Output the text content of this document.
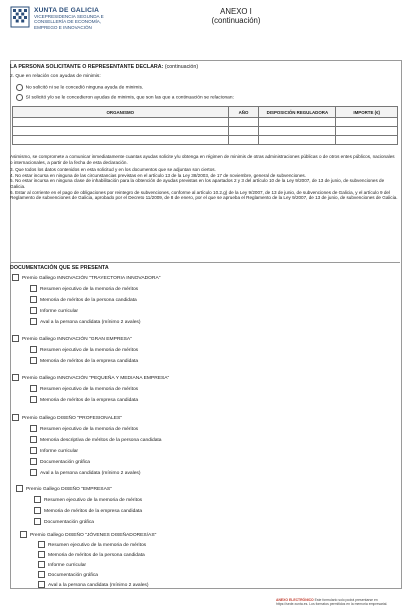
XUNTA DE GALICIA
VICEPRESIDENCIA SEGUNDA E
CONSELLERÍA DE ECONOMÍA,
EMPREGO E INNOVACIÓN
ANEXO I
(continuación)
LA PERSONA SOLICITANTE O REPRESENTANTE DECLARA: (continuación)
2. Que en relación con ayudas de minimis:
No solicitó ni se le concedió ninguna ayuda de minimis.
Sí solicitó y/o se le concedieron ayudas de minimis, que son las que a continuación se relacionan:
ORGANISMO	AÑO	DISPOSICIÓN REGULADORA	IMPORTE (€)

Asimismo, se compromete a comunicar inmediatamente cuantas ayudas solicite y/u obtenga en régimen de minimis de otras administraciones públicas o de otros entes públicos, nacionales o internacionales, a partir de la fecha de esta declaración.
3. Que todos los datos contenidos en esta solicitud y en los documentos que se adjuntan son ciertos.
4. No estar incursa en ninguna de las circunstancias previstas en el artículo 13 de la Ley 38/2003, de 17 de noviembre, general de subvenciones.
5. No estar incursa en ninguna clase de inhabilitación para la obtención de ayudas previstas en los apartados 2 y 3 del artículo 10 de la Ley 9/2007, de 13 de junio, de subvenciones de Galicia.
6. Estar al corriente en el pago de obligaciones por reintegro de subvenciones, conforme al artículo 10.2.g) de la Ley 9/2007, de 13 de junio, de subvenciones de Galicia, y el artículo 9 del Reglamento de subvenciones de Galicia, aprobado por el Decreto 11/2009, de 8 de enero, por el que se aprueba el Reglamento de la Ley 9/2007, de 13 de junio, de subvenciones de Galicia.
DOCUMENTACIÓN QUE SE PRESENTA
Premio Gallego INNOVACIÓN "TRAYECTORIA INNOVADORA"
Resumen ejecutivo de la memoria de méritos
Memoria de méritos de la persona candidata
Informe curricular
Aval a la persona candidata (mínimo 2 avales)
Premio Gallego INNOVACIÓN "GRAN EMPRESA"
Resumen ejecutivo de la memoria de méritos
Memoria de méritos de la empresa candidata
Premio Gallego INNOVACIÓN "PEQUEÑA Y MEDIANA EMPRESA"
Resumen ejecutivo de la memoria de méritos
Memoria de méritos de la empresa candidata
Premio Gallego DISEÑO "PROFESIONALES"
Resumen ejecutivo de la memoria de méritos
Memoria descriptiva de méritos de la persona candidata
Informe curricular
Documentación gráfica
Aval a la persona candidata (mínimo 2 avales)
Premio Gallego DISEÑO "EMPRESAS"
Resumen ejecutivo de la memoria de méritos
Memoria de méritos de la empresa candidata
Documentación gráfica
Premio Gallego DISEÑO "JÓVENES DISEÑADORES/AS"
Resumen ejecutivo de la memoria de méritos
Memoria de méritos de la persona candidata
Informe curricular
Documentación gráfica
Aval a la persona candidata (mínimo 2 avales)
ANEXO ELECTRÓNICO Este formulario solo podrá presentarse en https://sede.xunta.es. Los formatos permitidos en la memoria empresarial.
